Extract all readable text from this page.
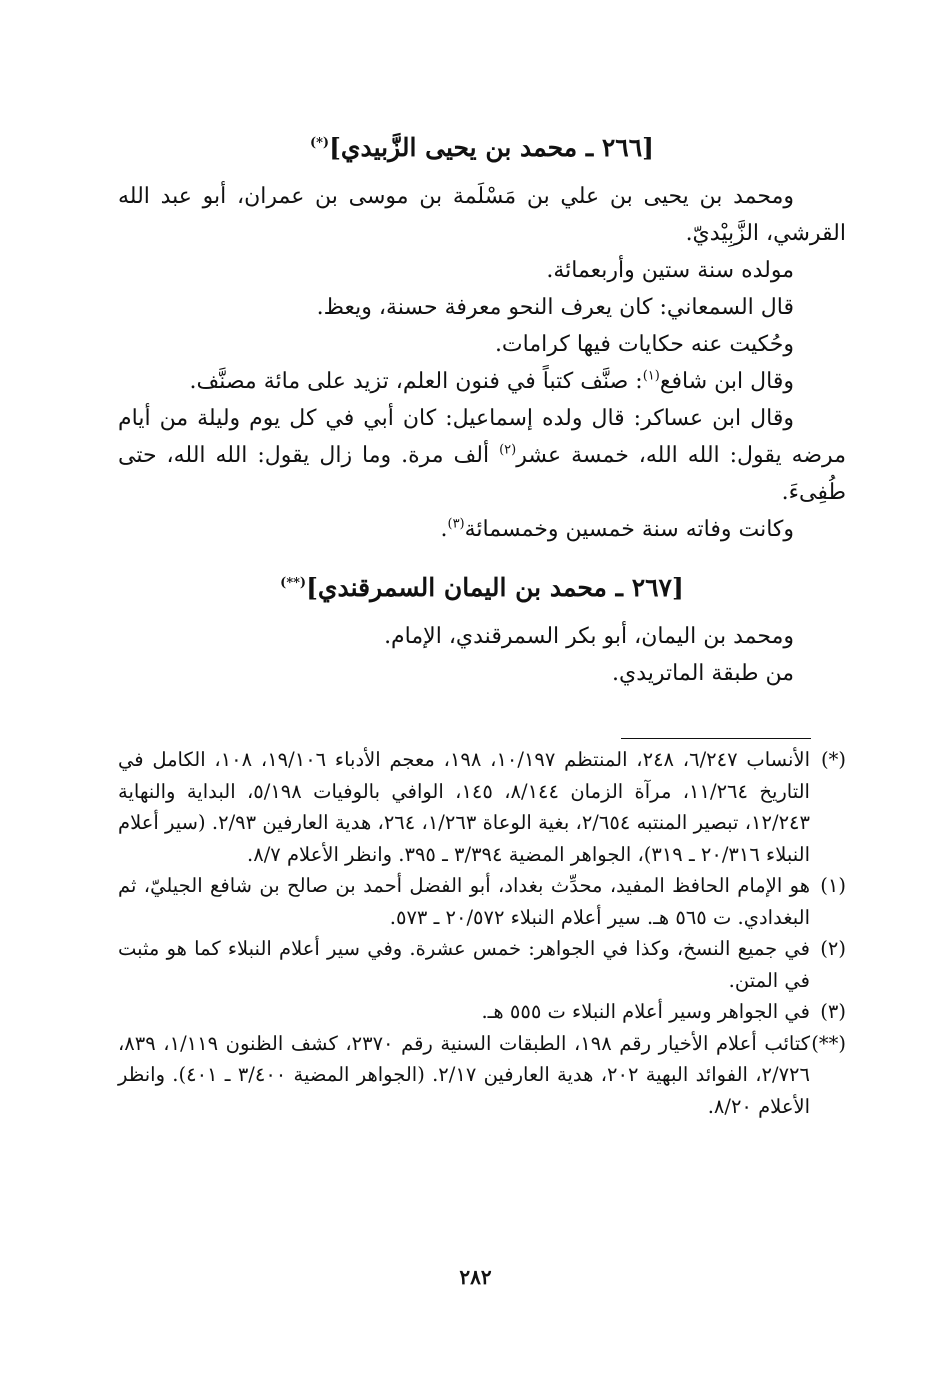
[٢٦٦ ـ محمد بن يحيى الزَّبيدي](*)

ومحمد بن يحيى بن علي بن مَسْلَمة بن موسى بن عمران، أبو عبد الله القرشي، الزَّبِيْديّ.

مولده سنة ستين وأربعمائة.

قال السمعاني: كان يعرف النحو معرفة حسنة، ويعظ.

وحُكيت عنه حكايات فيها كرامات.

وقال ابن شافع$^{(١)}$: صنَّف كتباً في فنون العلم، تزيد على مائة مصنَّف.

وقال ابن عساكر: قال ولده إسماعيل: كان أبي في كل يوم وليلة من أيام مرضه يقول: الله الله، خمسة عشر$^{(٢)}$ ألف مرة. وما زال يقول: الله الله، حتى طُفِىءَ.

وكانت وفاته سنة خمسين وخمسمائة$^{(٣)}$.

[٢٦٧ ـ محمد بن اليمان السمرقندي](**)

ومحمد بن اليمان، أبو بكر السمرقندي، الإمام.

من طبقة الماتريدي.

(*)الأنساب ٦/٢٤٧، ٢٤٨، المنتظم ١٠/١٩٧، ١٩٨، معجم الأدباء ١٩/١٠٦، ١٠٨، الكامل في التاريخ ١١/٢٦٤، مرآة الزمان ٨/١٤٤، ١٤٥، الوافي بالوفيات ٥/١٩٨، البداية والنهاية ١٢/٢٤٣، تبصير المنتبه ٢/٦٥٤، بغية الوعاة ١/٢٦٣، ٢٦٤، هدية العارفين ٢/٩٣. (سير أعلام النبلاء ٢٠/٣١٦ ـ ٣١٩)، الجواهر المضية ٣/٣٩٤ ـ ٣٩٥. وانظر الأعلام ٨/٧.

(١)هو الإمام الحافظ المفيد، محدِّث بغداد، أبو الفضل أحمد بن صالح بن شافع الجيليّ، ثم البغدادي. ت ٥٦٥ هـ. سير أعلام النبلاء ٢٠/٥٧٢ ـ ٥٧٣.

(٢)في جميع النسخ، وكذا في الجواهر: خمس عشرة. وفي سير أعلام النبلاء كما هو مثبت في المتن.

(٣)في الجواهر وسير أعلام النبلاء ت ٥٥٥ هـ.

(**)كتائب أعلام الأخيار رقم ١٩٨، الطبقات السنية رقم ٢٣٧٠، كشف الظنون ١/١١٩، ٨٣٩، ٢/٧٢٦، الفوائد البهية ٢٠٢، هدية العارفين ٢/١٧. (الجواهر المضية ٣/٤٠٠ ـ ٤٠١). وانظر الأعلام ٨/٢٠.

٢٨٢
